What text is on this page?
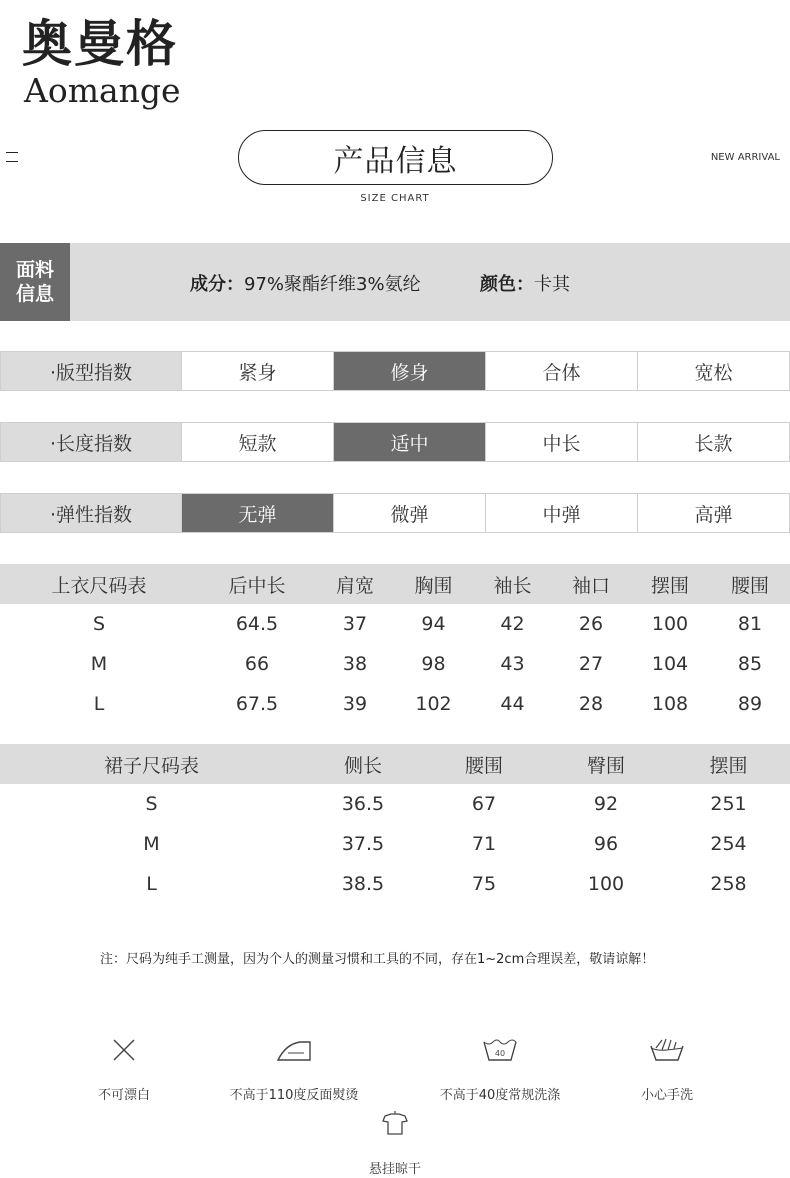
奥曼格
Aomange
产品信息
SIZE CHART
NEW ARRIVAL
面料
信息	成分：97%聚酯纤维3%氨纶	颜色：卡其
·版型指数	紧身	修身	合体	宽松
·长度指数	短款	适中	中长	长款
·弹性指数	无弹	微弹	中弹	高弹
上衣尺码表	后中长	肩宽	胸围	袖长	袖口	摆围	腰围
S	64.5	37	94	42	26	100	81
M	66	38	98	43	27	104	85
L	67.5	39	102	44	28	108	89
裙子尺码表	侧长	腰围	臀围	摆围
S	36.5	67	92	251
M	37.5	71	96	254
L	38.5	75	100	258
注：尺码为纯手工测量，因为个人的测量习惯和工具的不同，存在1~2cm合理误差，敬请谅解！
不可漂白	不高于110度反面熨烫
40
不高于40度常规洗涤	小心手洗
悬挂晾干
